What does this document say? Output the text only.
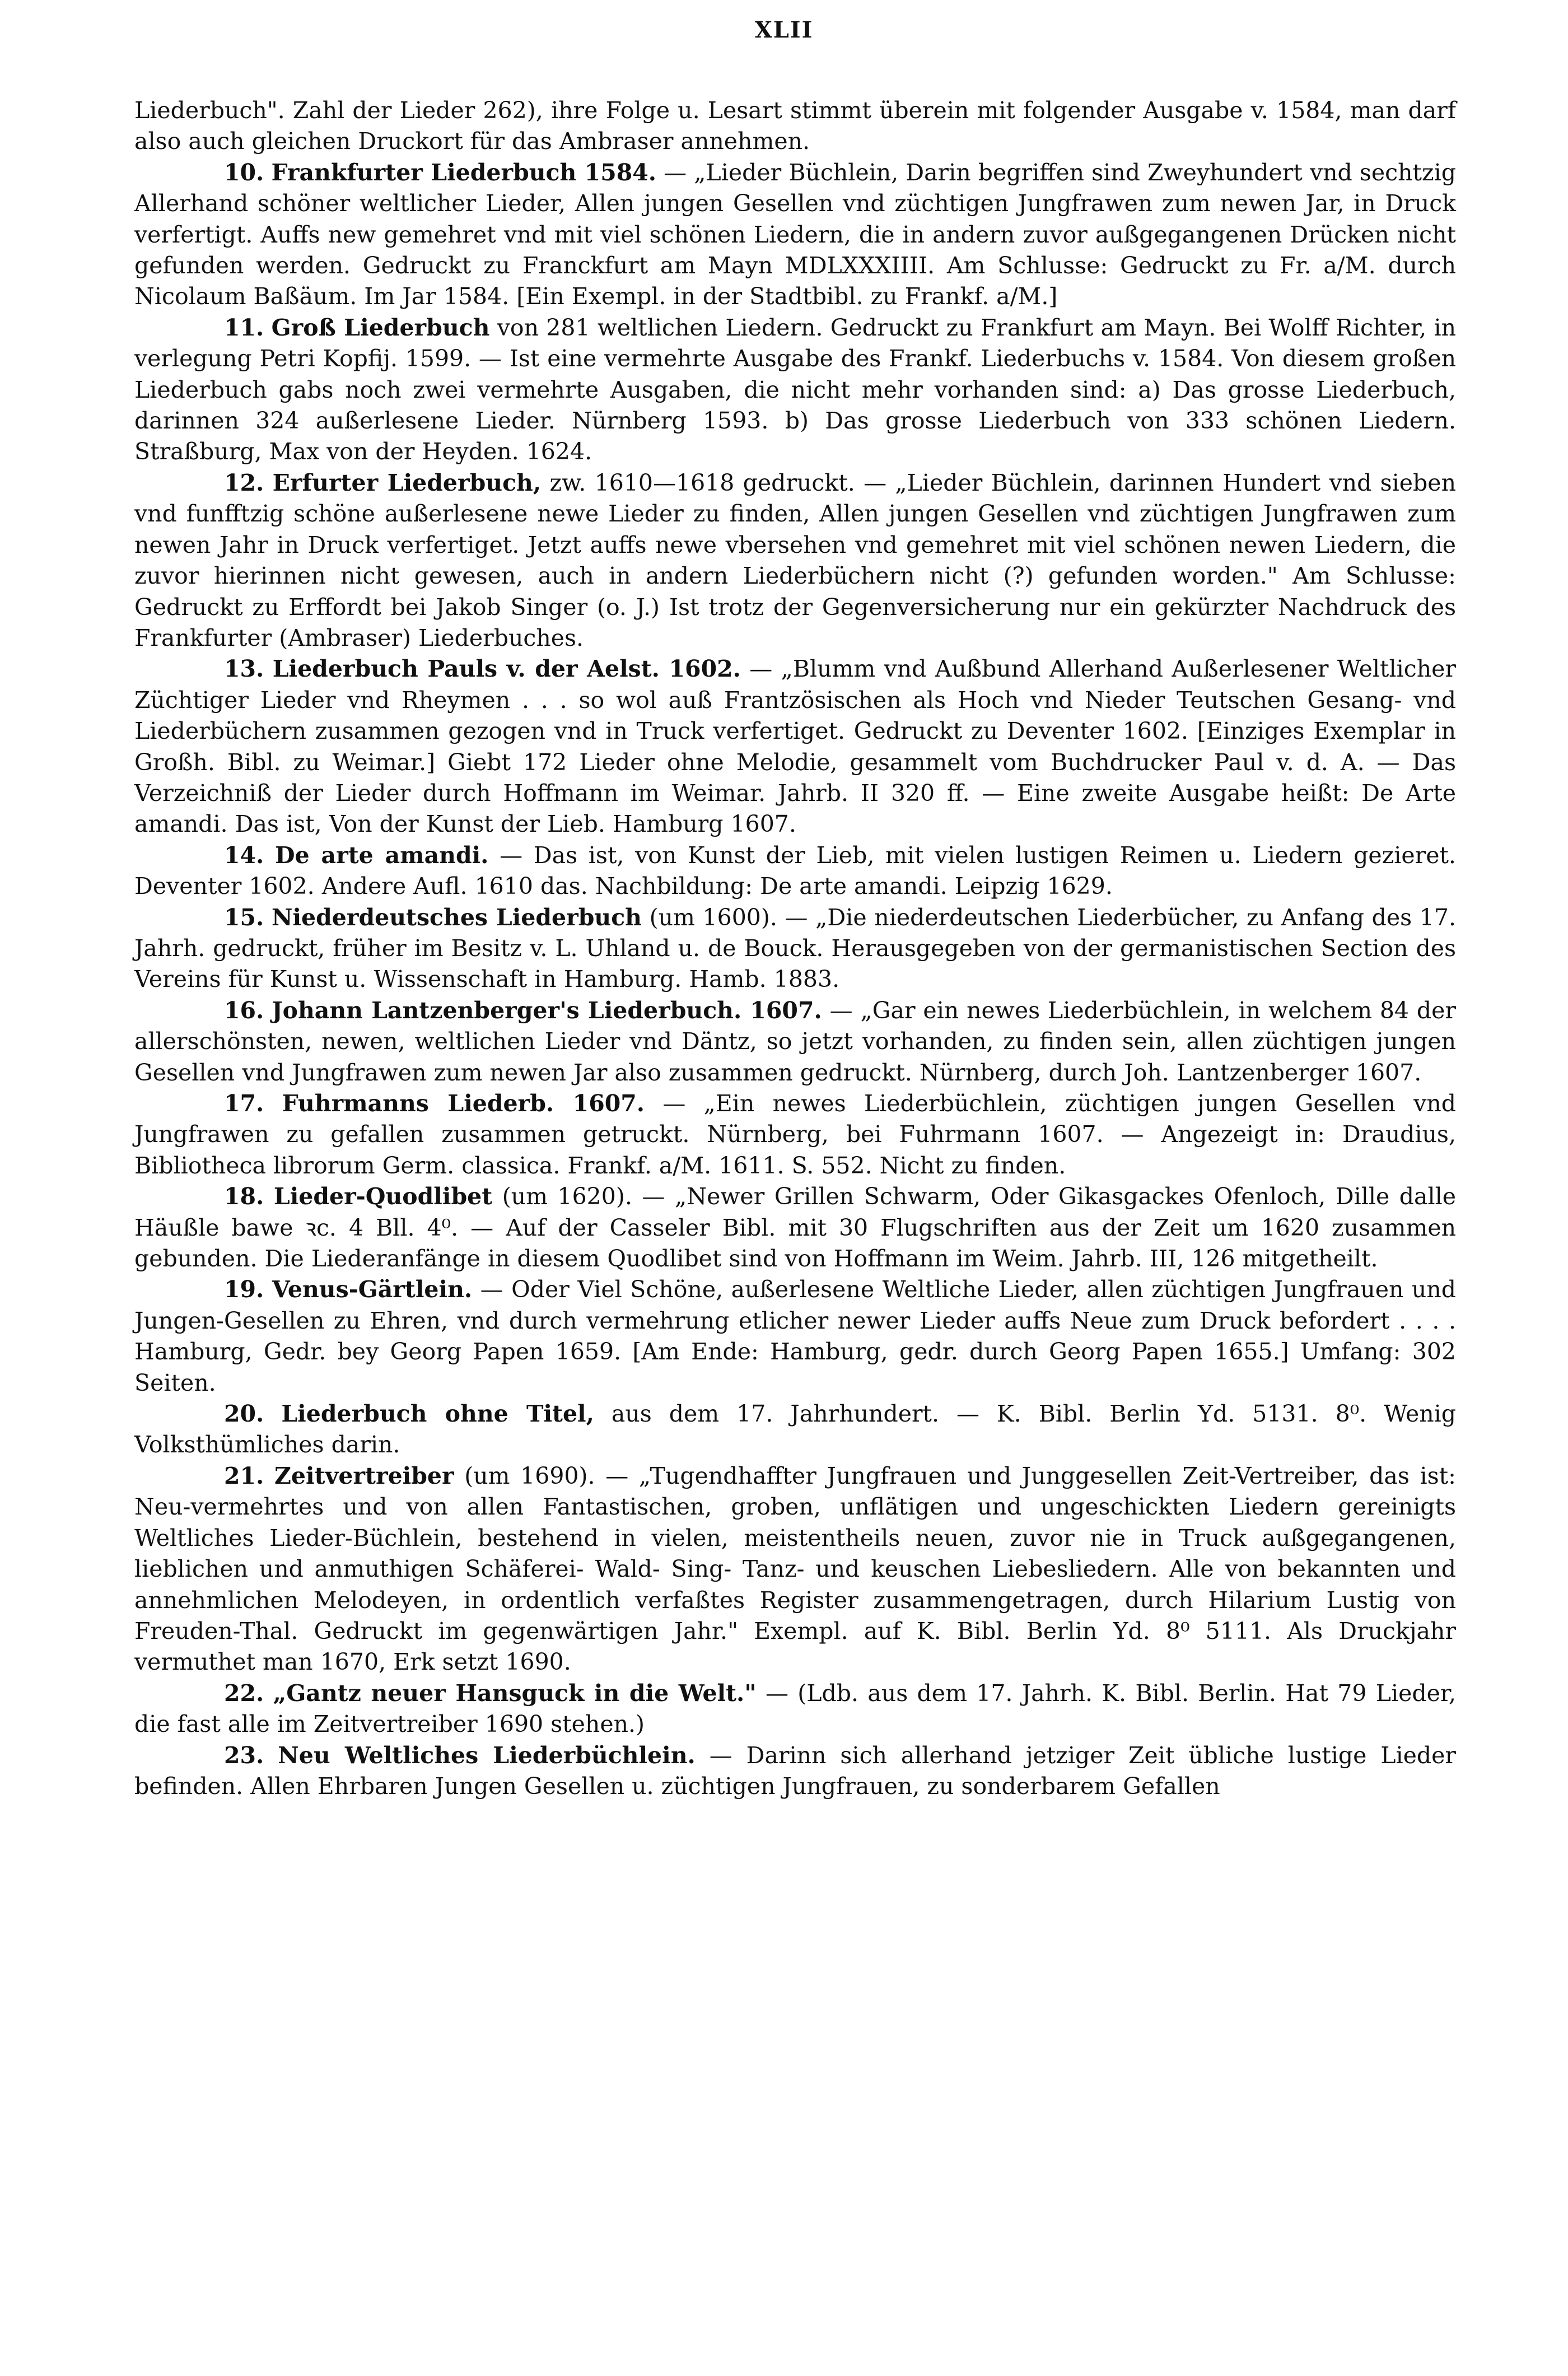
XLII

Liederbuch". Zahl der Lieder 262), ihre Folge u. Lesart stimmt überein mit folgender Ausgabe v. 1584, man darf also auch gleichen Druckort für das Ambraser annehmen.

10. Frankfurter Liederbuch 1584. — „Lieder Büchlein, Darin begriffen sind Zweyhundert vnd sechtzig Allerhand schöner weltlicher Lieder, Allen jungen Gesellen vnd züchtigen Jungfrawen zum newen Jar, in Druck verfertigt. Auffs new gemehret vnd mit viel schönen Liedern, die in andern zuvor außgegangenen Drücken nicht gefunden werden. Gedruckt zu Franckfurt am Mayn MDLXXXIIII. Am Schlusse: Gedruckt zu Fr. a/M. durch Nicolaum Baßäum. Im Jar 1584. [Ein Exempl. in der Stadtbibl. zu Frankf. a/M.]

11. Groß Liederbuch von 281 weltlichen Liedern. Gedruckt zu Frankfurt am Mayn. Bei Wolff Richter, in verlegung Petri Kopfij. 1599. — Ist eine vermehrte Ausgabe des Frankf. Liederbuchs v. 1584. Von diesem großen Liederbuch gabs noch zwei vermehrte Ausgaben, die nicht mehr vorhanden sind: a) Das grosse Liederbuch, darinnen 324 außerlesene Lieder. Nürnberg 1593. b) Das grosse Liederbuch von 333 schönen Liedern. Straßburg, Max von der Heyden. 1624.

12. Erfurter Liederbuch, zw. 1610—1618 gedruckt. — „Lieder Büchlein, darinnen Hundert vnd sieben vnd funfftzig schöne außerlesene newe Lieder zu finden, Allen jungen Gesellen vnd züchtigen Jungfrawen zum newen Jahr in Druck verfertiget. Jetzt auffs newe vbersehen vnd gemehret mit viel schönen newen Liedern, die zuvor hierinnen nicht gewesen, auch in andern Liederbüchern nicht (?) gefunden worden." Am Schlusse: Gedruckt zu Erffordt bei Jakob Singer (o. J.) Ist trotz der Gegenversicherung nur ein gekürzter Nachdruck des Frankfurter (Ambraser) Liederbuches.

13. Liederbuch Pauls v. der Aelst. 1602. — „Blumm vnd Außbund Allerhand Außerlesener Weltlicher Züchtiger Lieder vnd Rheymen . . . so wol auß Frantzösischen als Hoch vnd Nieder Teutschen Gesang- vnd Liederbüchern zusammen gezogen vnd in Truck verfertiget. Gedruckt zu Deventer 1602. [Einziges Exemplar in Großh. Bibl. zu Weimar.] Giebt 172 Lieder ohne Melodie, gesammelt vom Buchdrucker Paul v. d. A. — Das Verzeichniß der Lieder durch Hoffmann im Weimar. Jahrb. II 320 ff. — Eine zweite Ausgabe heißt: De Arte amandi. Das ist, Von der Kunst der Lieb. Hamburg 1607.

14. De arte amandi. — Das ist, von Kunst der Lieb, mit vielen lustigen Reimen u. Liedern gezieret. Deventer 1602. Andere Aufl. 1610 das. Nachbildung: De arte amandi. Leipzig 1629.

15. Niederdeutsches Liederbuch (um 1600). — „Die niederdeutschen Liederbücher, zu Anfang des 17. Jahrh. gedruckt, früher im Besitz v. L. Uhland u. de Bouck. Herausgegeben von der germanistischen Section des Vereins für Kunst u. Wissenschaft in Hamburg. Hamb. 1883.

16. Johann Lantzenberger's Liederbuch. 1607. — „Gar ein newes Liederbüchlein, in welchem 84 der allerschönsten, newen, weltlichen Lieder vnd Däntz, so jetzt vorhanden, zu finden sein, allen züchtigen jungen Gesellen vnd Jungfrawen zum newen Jar also zusammen gedruckt. Nürnberg, durch Joh. Lantzenberger 1607.

17. Fuhrmanns Liederb. 1607. — „Ein newes Liederbüchlein, züchtigen jungen Gesellen vnd Jungfrawen zu gefallen zusammen getruckt. Nürnberg, bei Fuhrmann 1607. — Angezeigt in: Draudius, Bibliotheca librorum Germ. classica. Frankf. a/M. 1611. S. 552. Nicht zu finden.

18. Lieder-Quodlibet (um 1620). — „Newer Grillen Schwarm, Oder Gikasgackes Ofenloch, Dille dalle Häußle bawe ꝛc. 4 Bll. 4⁰. — Auf der Casseler Bibl. mit 30 Flugschriften aus der Zeit um 1620 zusammen gebunden. Die Liederanfänge in diesem Quodlibet sind von Hoffmann im Weim. Jahrb. III, 126 mitgetheilt.

19. Venus-Gärtlein. — Oder Viel Schöne, außerlesene Weltliche Lieder, allen züchtigen Jungfrauen und Jungen-Gesellen zu Ehren, vnd durch vermehrung etlicher newer Lieder auffs Neue zum Druck befordert . . . . Hamburg, Gedr. bey Georg Papen 1659. [Am Ende: Hamburg, gedr. durch Georg Papen 1655.] Umfang: 302 Seiten.

20. Liederbuch ohne Titel, aus dem 17. Jahrhundert. — K. Bibl. Berlin Yd. 5131. 8⁰. Wenig Volksthümliches darin.

21. Zeitvertreiber (um 1690). — „Tugendhaffter Jungfrauen und Junggesellen Zeit-Vertreiber, das ist: Neu-vermehrtes und von allen Fantastischen, groben, unflätigen und ungeschickten Liedern gereinigts Weltliches Lieder-Büchlein, bestehend in vielen, meistentheils neuen, zuvor nie in Truck außgegangenen, lieblichen und anmuthigen Schäferei- Wald- Sing- Tanz- und keuschen Liebesliedern. Alle von bekannten und annehmlichen Melodeyen, in ordentlich verfaßtes Register zusammengetragen, durch Hilarium Lustig von Freuden-Thal. Gedruckt im gegenwärtigen Jahr." Exempl. auf K. Bibl. Berlin Yd. 8⁰ 5111. Als Druckjahr vermuthet man 1670, Erk setzt 1690.

22. „Gantz neuer Hansguck in die Welt." — (Ldb. aus dem 17. Jahrh. K. Bibl. Berlin. Hat 79 Lieder, die fast alle im Zeitvertreiber 1690 stehen.)

23. Neu Weltliches Liederbüchlein. — Darinn sich allerhand jetziger Zeit übliche lustige Lieder befinden. Allen Ehrbaren Jungen Gesellen u. züchtigen Jungfrauen, zu sonderbarem Gefallen
